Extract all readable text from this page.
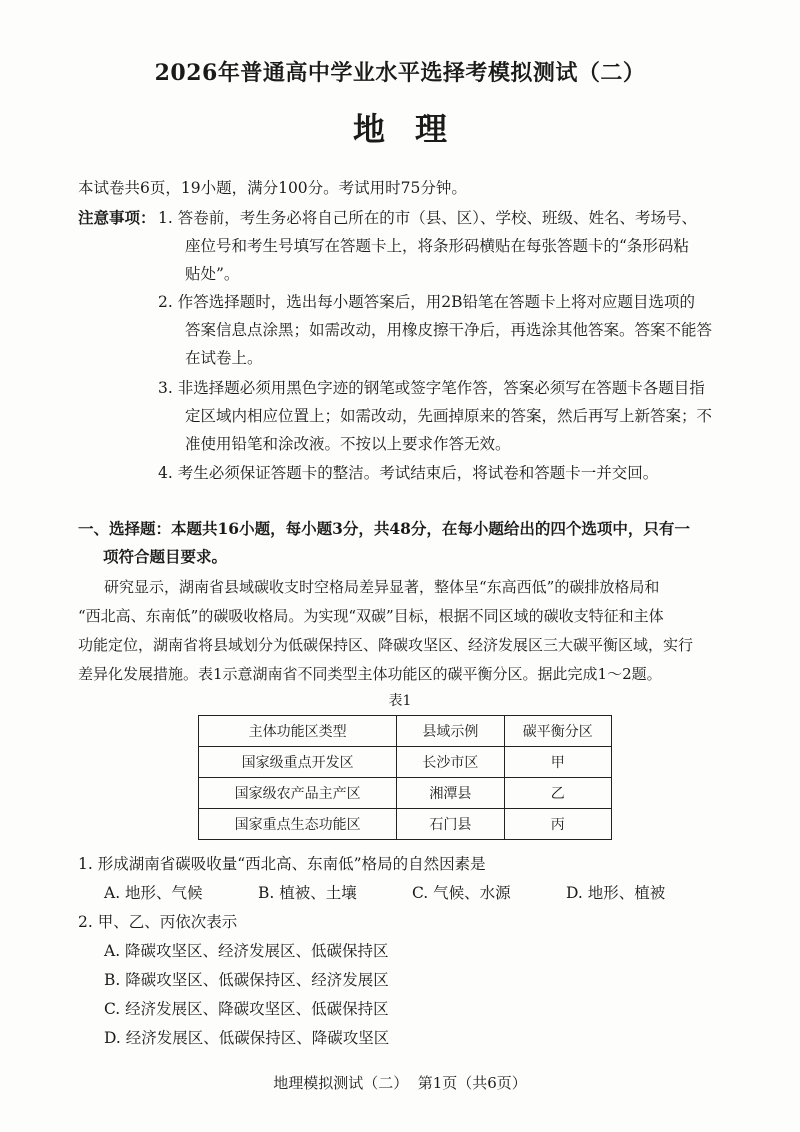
2026年普通高中学业水平选择考模拟测试（二）
地理
本试卷共6页，19小题，满分100分。考试用时75分钟。
注意事项： 1. 答卷前，考生务必将自己所在的市（县、区）、学校、班级、姓名、考场号、
座位号和考生号填写在答题卡上，将条形码横贴在每张答题卡的“条形码粘
贴处”。
2. 作答选择题时，选出每小题答案后，用2B铅笔在答题卡上将对应题目选项的
答案信息点涂黑；如需改动，用橡皮擦干净后，再选涂其他答案。答案不能答
在试卷上。
3. 非选择题必须用黑色字迹的钢笔或签字笔作答，答案必须写在答题卡各题目指
定区域内相应位置上；如需改动，先画掉原来的答案，然后再写上新答案；不
准使用铅笔和涂改液。不按以上要求作答无效。
4. 考生必须保证答题卡的整洁。考试结束后，将试卷和答题卡一并交回。
一、选择题：本题共16小题，每小题3分，共48分，在每小题给出的四个选项中，只有一
项符合题目要求。
研究显示，湖南省县域碳收支时空格局差异显著，整体呈“东高西低”的碳排放格局和
“西北高、东南低”的碳吸收格局。为实现“双碳”目标，根据不同区域的碳收支特征和主体
功能定位，湖南省将县域划分为低碳保持区、降碳攻坚区、经济发展区三大碳平衡区域，实行
差异化发展措施。表1示意湖南省不同类型主体功能区的碳平衡分区。据此完成1～2题。
表1
主体功能区类型	县域示例	碳平衡分区
国家级重点开发区	长沙市区	甲
国家级农产品主产区	湘潭县	乙
国家重点生态功能区	石门县	丙
1. 形成湖南省碳吸收量“西北高、东南低”格局的自然因素是
A. 地形、气候	B. 植被、土壤	C. 气候、水源	D. 地形、植被
2. 甲、乙、丙依次表示
A. 降碳攻坚区、经济发展区、低碳保持区
B. 降碳攻坚区、低碳保持区、经济发展区
C. 经济发展区、降碳攻坚区、低碳保持区
D. 经济发展区、低碳保持区、降碳攻坚区
地理模拟测试（二）  第1页（共6页）
